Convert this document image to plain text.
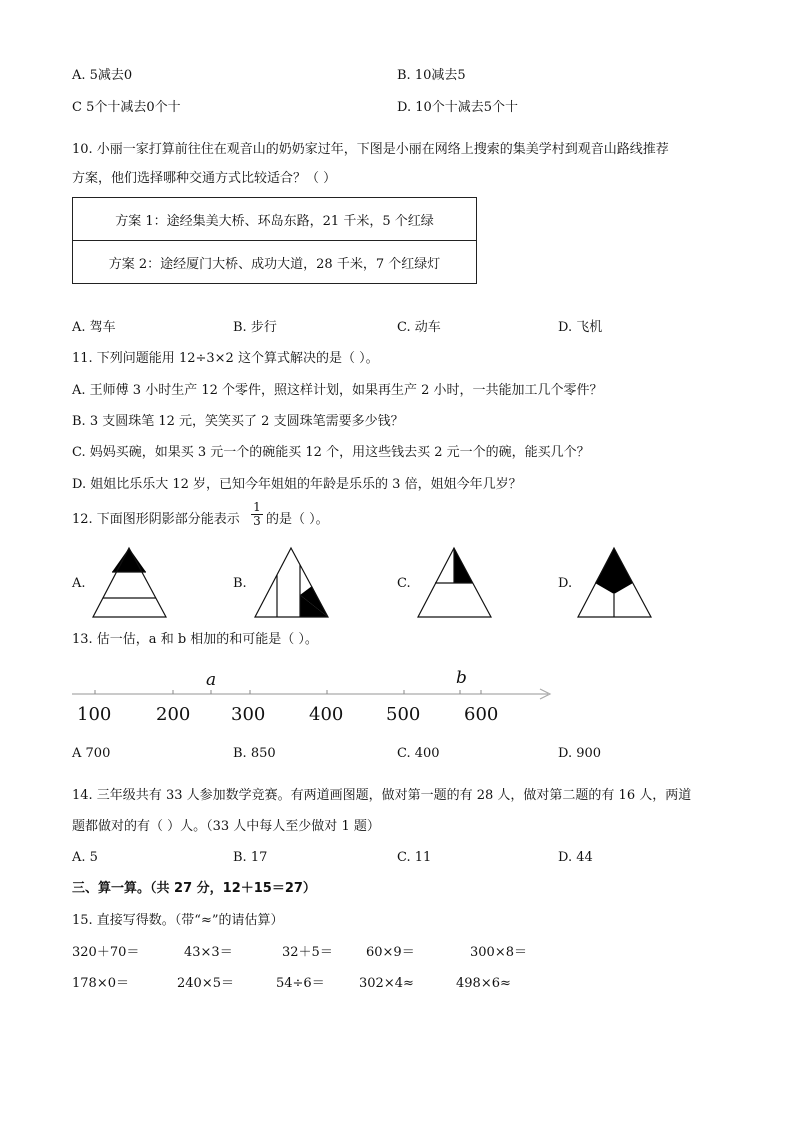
A. 5减去0	B. 10减去5
C 5个十减去0个十	D. 10个十减去5个十
10. 小丽一家打算前往住在观音山的奶奶家过年，下图是小丽在网络上搜索的集美学村到观音山路线推荐
方案，他们选择哪种交通方式比较适合？（ ）
方案 1：途经集美大桥、环岛东路，21 千米，5 个红绿
方案 2：途经厦门大桥、成功大道，28 千米，7 个红绿灯
A. 驾车	B. 步行	C. 动车	D. 飞机
11. 下列问题能用 12÷3×2 这个算式解决的是（ ）。
A. 王师傅 3 小时生产 12 个零件，照这样计划，如果再生产 2 小时，一共能加工几个零件？
B. 3 支圆珠笔 12 元，笑笑买了 2 支圆珠笔需要多少钱？
C. 妈妈买碗，如果买 3 元一个的碗能买 12 个，用这些钱去买 2 元一个的碗，能买几个？
D. 姐姐比乐乐大 12 岁，已知今年姐姐的年龄是乐乐的 3 倍，姐姐今年几岁？
12. 下面图形阴影部分能表示 $\frac{1}{3}$ 的是（ ）。
A.	B.	C.	D.
13. 估一估，a 和 b 相加的和可能是（ ）。
a	b
100 200 300 400 500 600
A 700	B. 850	C. 400	D. 900
14. 三年级共有 33 人参加数学竞赛。有两道画图题，做对第一题的有 28 人，做对第二题的有 16 人，两道
题都做对的有（ ）人。（33 人中每人至少做对 1 题）
A. 5	B. 17	C. 11	D. 44
三、算一算。（共 27 分，12＋15＝27）
15. 直接写得数。（带“≈”的请估算）
320＋70＝	43×3＝	32＋5＝	60×9＝	300×8＝
178×0＝	240×5＝	54÷6＝	302×4≈	498×6≈
